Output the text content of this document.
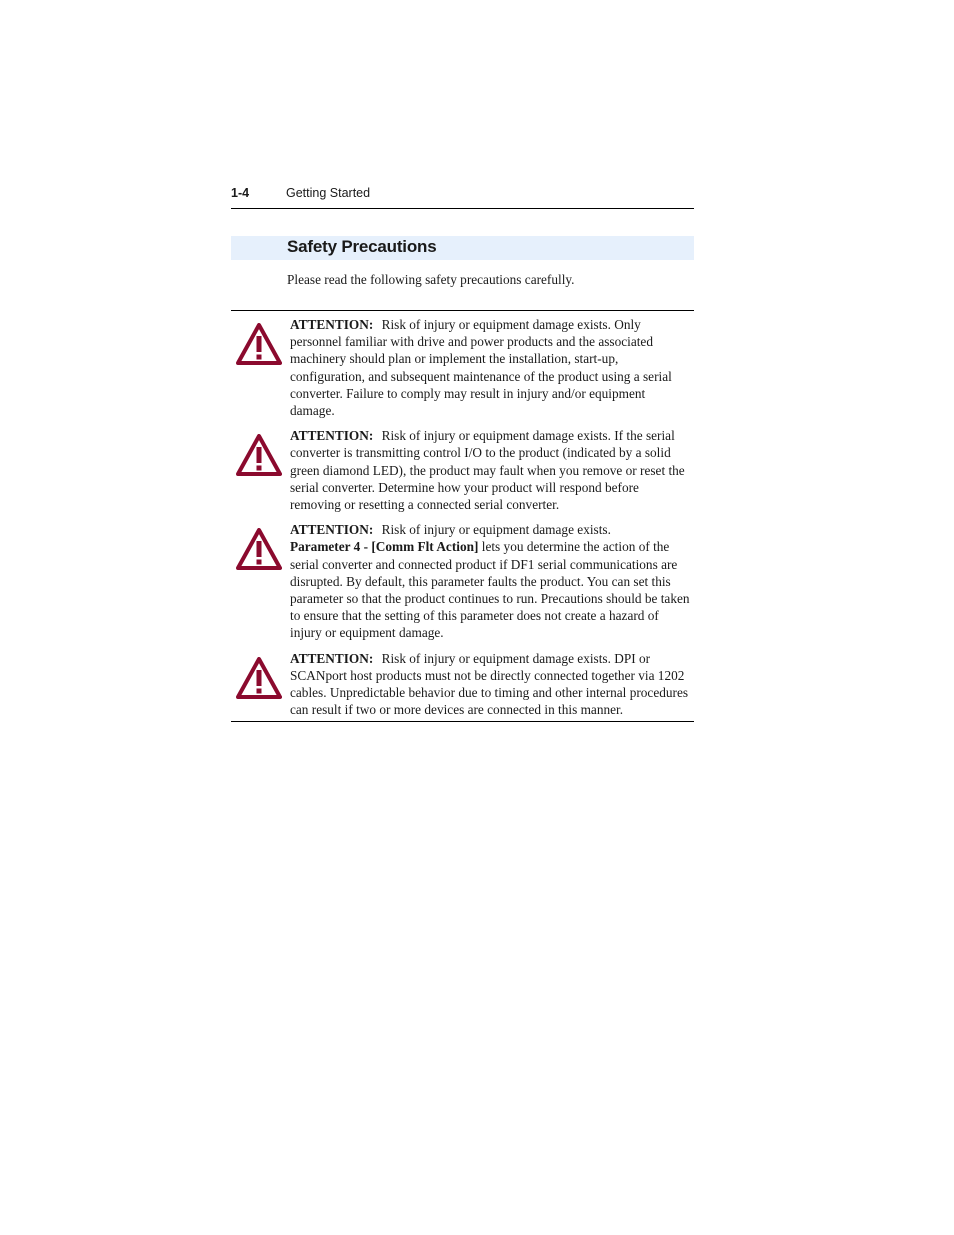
1-4	Getting Started
Safety Precautions

Please read the following safety precautions carefully.

ATTENTION: Risk of injury or equipment damage exists. Only personnel familiar with drive and power products and the associated machinery should plan or implement the installation, start-up, configuration, and subsequent maintenance of the product using a serial converter. Failure to comply may result in injury and/or equipment damage.
ATTENTION: Risk of injury or equipment damage exists. If the serial converter is transmitting control I/O to the product (indicated by a solid green diamond LED), the product may fault when you remove or reset the serial converter. Determine how your product will respond before removing or resetting a connected serial converter.
ATTENTION: Risk of injury or equipment damage exists.
Parameter 4 - [Comm Flt Action] lets you determine the action of the serial converter and connected product if DF1 serial communications are disrupted. By default, this parameter faults the product. You can set this parameter so that the product continues to run. Precautions should be taken to ensure that the setting of this parameter does not create a hazard of injury or equipment damage.
ATTENTION: Risk of injury or equipment damage exists. DPI or SCANport host products must not be directly connected together via 1202 cables. Unpredictable behavior due to timing and other internal procedures can result if two or more devices are connected in this manner.
